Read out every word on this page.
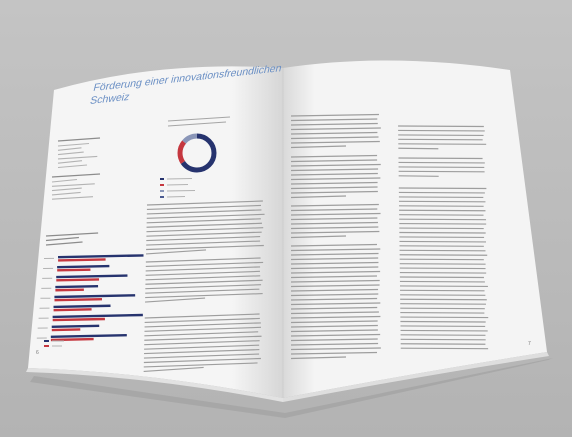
Förderung einer innovationsfreundlichen
Schweiz
6
7
